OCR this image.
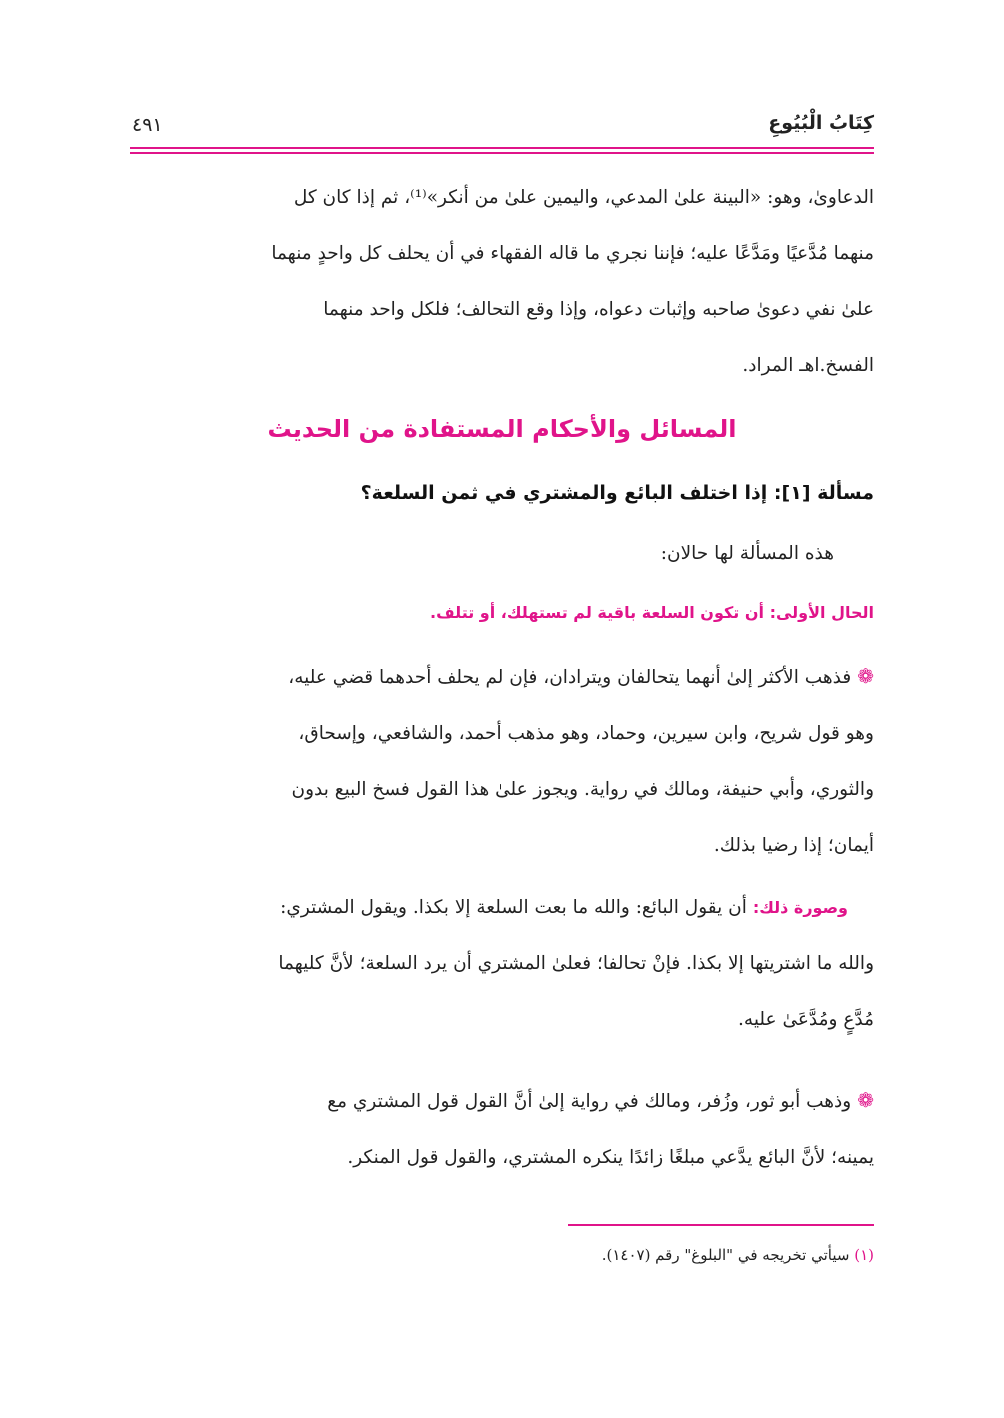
كِتَابُ الْبُيُوعِ
٤٩١
الدعاوىٰ، وهو: «البينة علىٰ المدعي، واليمين علىٰ من أنكر»⁽¹⁾، ثم إذا كان كل
منهما مُدَّعيًا ومَدَّعًا عليه؛ فإننا نجري ما قاله الفقهاء في أن يحلف كل واحدٍ منهما
علىٰ نفي دعوىٰ صاحبه وإثبات دعواه، وإذا وقع التحالف؛ فلكل واحد منهما
الفسخ.اهـ المراد.
المسائل والأحكام المستفادة من الحديث
مسألة [١]: إذا اختلف البائع والمشتري في ثمن السلعة؟
هذه المسألة لها حالان:
الحال الأولى: أن تكون السلعة باقية لم تستهلك، أو تتلف.
❁فذهب الأكثر إلىٰ أنهما يتحالفان ويترادان، فإن لم يحلف أحدهما قضي عليه،
وهو قول شريح، وابن سيرين، وحماد، وهو مذهب أحمد، والشافعي، وإسحاق،
والثوري، وأبي حنيفة، ومالك في رواية. ويجوز علىٰ هذا القول فسخ البيع بدون
أيمان؛ إذا رضيا بذلك.
وصورة ذلك: أن يقول البائع: والله ما بعت السلعة إلا بكذا. ويقول المشتري:
والله ما اشتريتها إلا بكذا. فإنْ تحالفا؛ فعلىٰ المشتري أن يرد السلعة؛ لأنَّ كليهما
مُدَّعٍ ومُدَّعَىٰ عليه.
❁وذهب أبو ثور، وزُفر، ومالك في رواية إلىٰ أنَّ القول قول المشتري مع
يمينه؛ لأنَّ البائع يدَّعي مبلغًا زائدًا ينكره المشتري، والقول قول المنكر.
(١) سيأتي تخريجه في "البلوغ" رقم (١٤٠٧).
